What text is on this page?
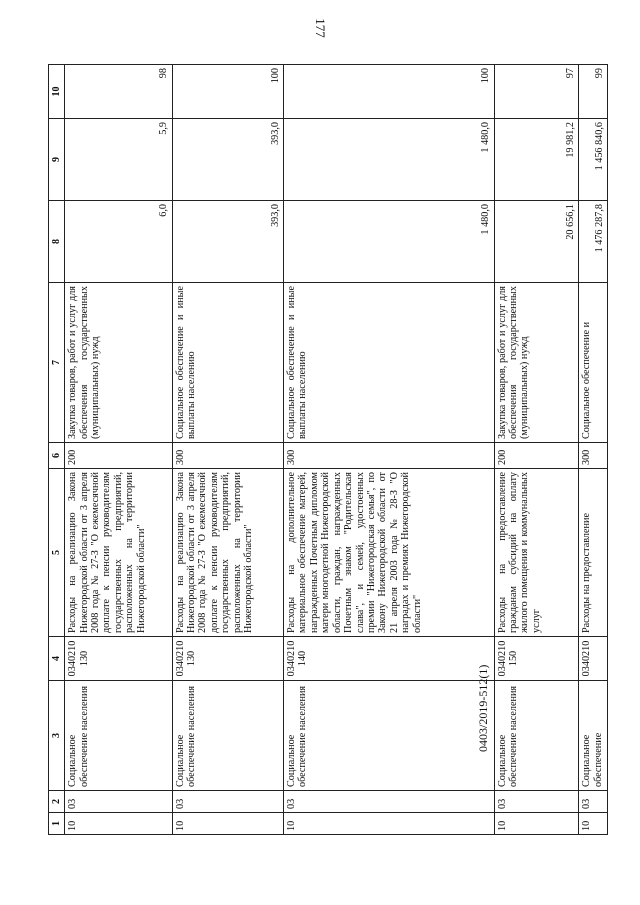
177
1	2	3	4	5	6	7	8	9	10
10	03	Социальное обеспечение населения	0340210 130	Расходы на реализацию Закона Нижегородской области от 3 апреля 2008 года № 27-З "О ежемесячной доплате к пенсии руководителям государственных предприятий, расположенных на территории Нижегородской области"	200	Закупка товаров, работ и услуг для обеспечения государственных (муниципальных) нужд	6,0	5,9	98
10	03	Социальное обеспечение населения	0340210 130	Расходы на реализацию Закона Нижегородской области от 3 апреля 2008 года № 27-З "О ежемесячной доплате к пенсии руководителям государственных предприятий, расположенных на территории Нижегородской области"	300	Социальное обеспечение и иные выплаты населению	393,0	393,0	100
10	03	Социальное обеспечение населения	0340210 140	Расходы на дополнительное материальное обеспечение матерей, награжденных Почетным дипломом матери многодетной Нижегородской области, граждан, награжденных Почетным знаком "Родительская слава", и семей, удостоенных премии "Нижегородская семья", по Закону Нижегородской области от 21 апреля 2003 года № 28-З "О наградах и премиях Нижегородской области"	300	Социальное обеспечение и иные выплаты населению	1 480,0	1 480,0	100
10	03	Социальное обеспечение населения	0340210 150	Расходы на предоставление гражданам субсидий на оплату жилого помещения и коммунальных услуг	200	Закупка товаров, работ и услуг для обеспечения государственных (муниципальных) нужд	20 656,1	19 981,2	97
10	03	Социальное обеспечение	0340210	Расходы на предоставление	300	Социальное обеспечение и	1 476 287,8	1 456 840,6	99
0403/2019-512(1)
